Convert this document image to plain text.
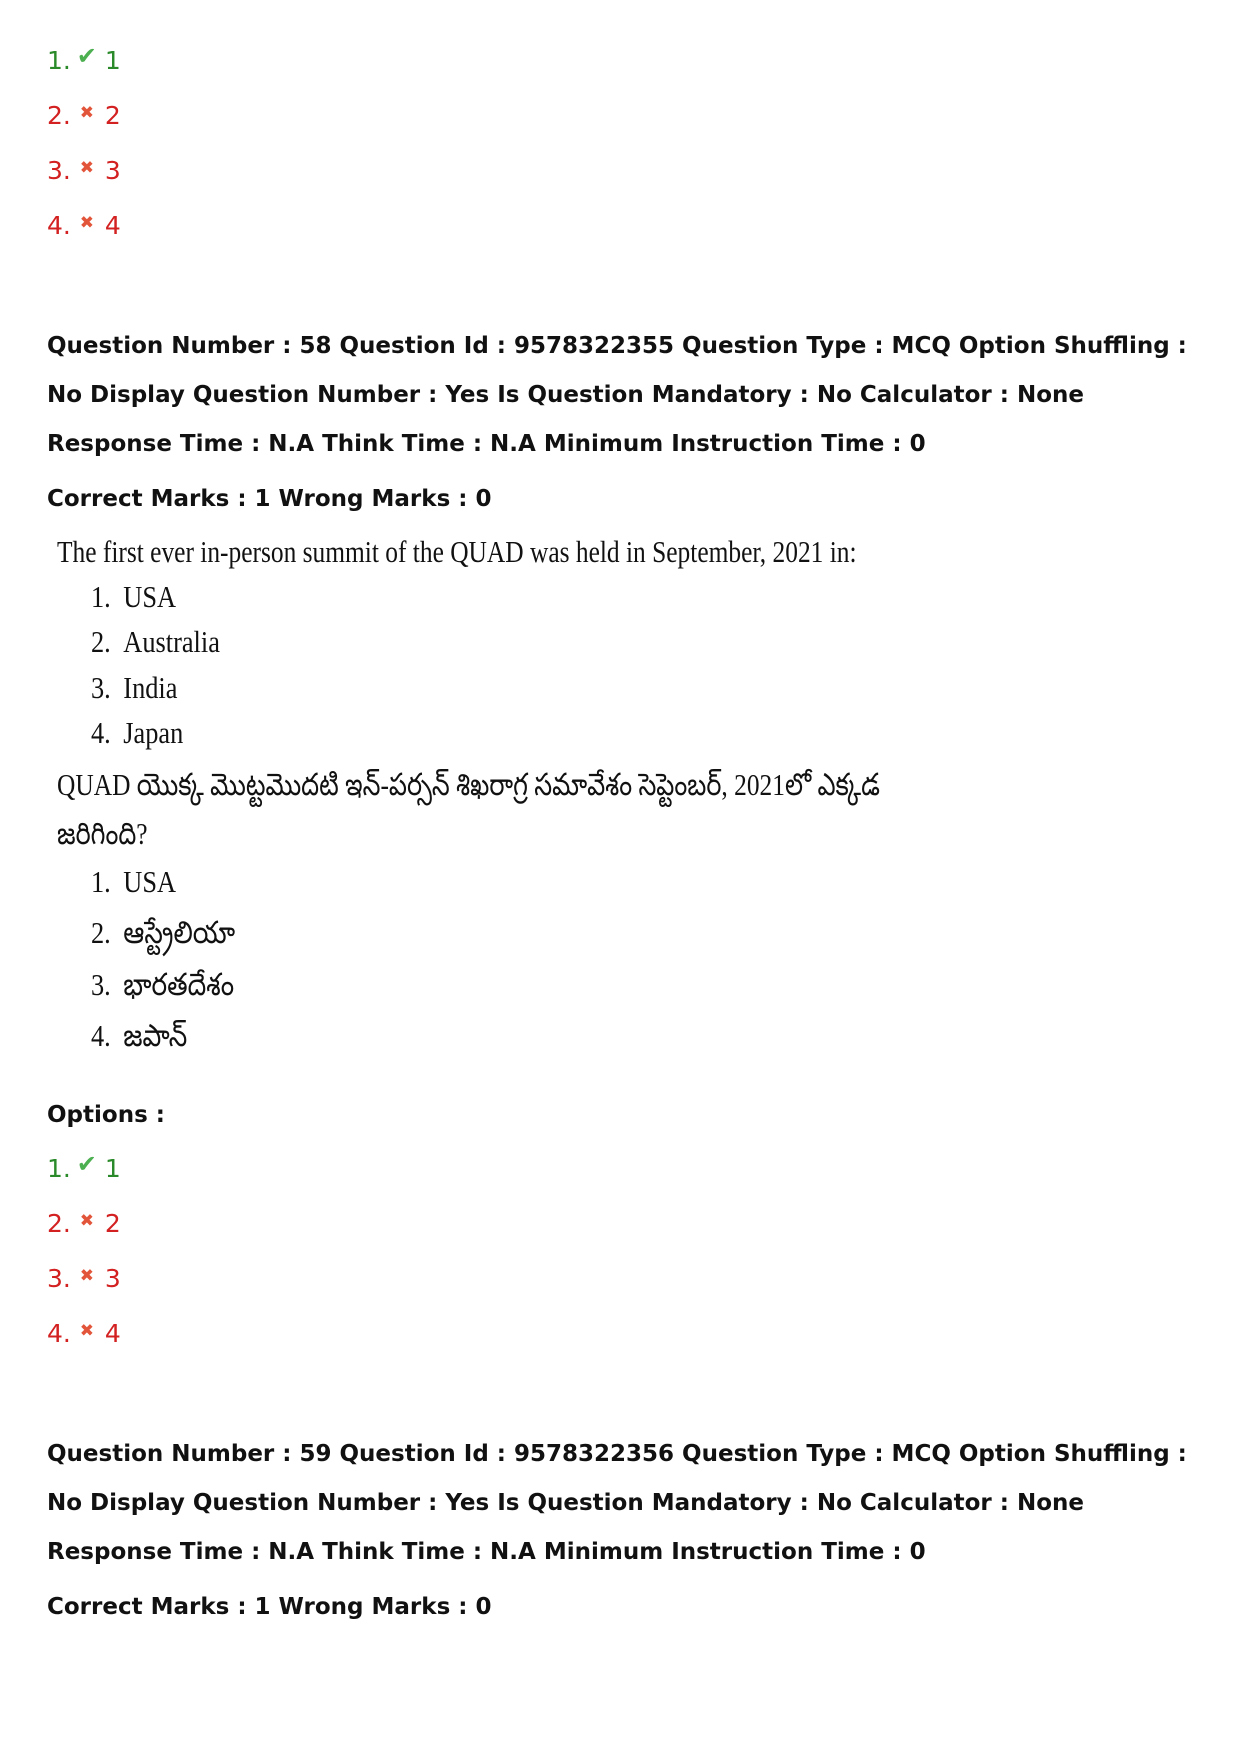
1. ✔ 1
2. ✖ 2
3. ✖ 3
4. ✖ 4
Question Number : 58 Question Id : 9578322355 Question Type : MCQ Option Shuffling : No Display Question Number : Yes Is Question Mandatory : No Calculator : None Response Time : N.A Think Time : N.A Minimum Instruction Time : 0
Correct Marks : 1 Wrong Marks : 0
The first ever in-person summit of the QUAD was held in September, 2021 in:
1. USA
2. Australia
3. India
4. Japan
QUAD యొక్క మొట్టమొదటి ఇన్-పర్సన్ శిఖరాగ్ర సమావేశం సెప్టెంబర్, 2021లో ఎక్కడ
జరిగింది?
1. USA
2. ఆస్ట్రేలియా
3. భారతదేశం
4. జపాన్
Options :
1. ✔ 1
2. ✖ 2
3. ✖ 3
4. ✖ 4
Question Number : 59 Question Id : 9578322356 Question Type : MCQ Option Shuffling : No Display Question Number : Yes Is Question Mandatory : No Calculator : None Response Time : N.A Think Time : N.A Minimum Instruction Time : 0
Correct Marks : 1 Wrong Marks : 0
